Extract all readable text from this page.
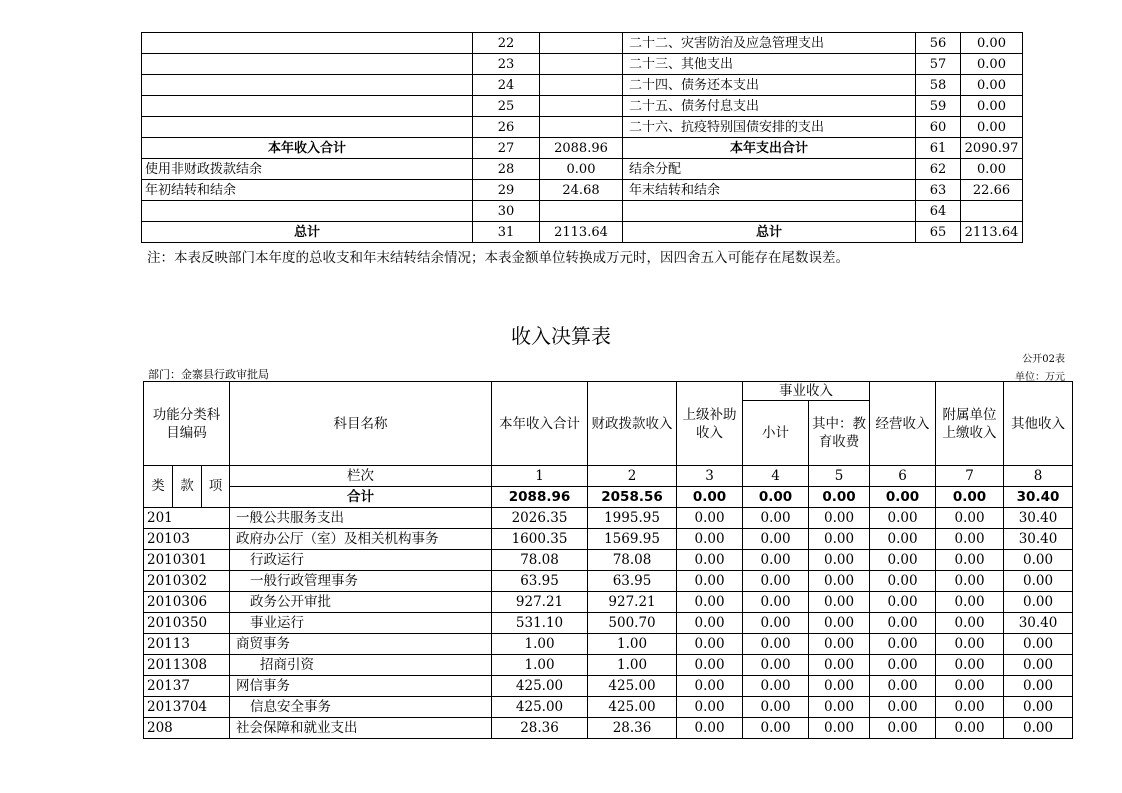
	22		二十二、灾害防治及应急管理支出	56	0.00
	23		二十三、其他支出	57	0.00
	24		二十四、债务还本支出	58	0.00
	25		二十五、债务付息支出	59	0.00
	26		二十六、抗疫特别国债安排的支出	60	0.00
本年收入合计	27	2088.96	本年支出合计	61	2090.97
使用非财政拨款结余	28	0.00	结余分配	62	0.00
年初结转和结余	29	24.68	年末结转和结余	63	22.66
	30			64	
总计	31	2113.64	总计	65	2113.64
注：本表反映部门本年度的总收支和年末结转结余情况；本表金额单位转换成万元时，因四舍五入可能存在尾数误差。
收入决算表
公开02表
部门：金寨县行政审批局	单位：万元
功能分类科目编码			科目名称	本年收入合计	财政拨款收入	上级补助收入	事业收入		经营收入	附属单位上缴收入	其他收入
							小计	其中：教育收费			
类	款	项	栏次	1	2	3	4	5	6	7	8
			合计	2088.96	2058.56	0.00	0.00	0.00	0.00	0.00	30.40
201			一般公共服务支出	2026.35	1995.95	0.00	0.00	0.00	0.00	0.00	30.40
20103			政府办公厅（室）及相关机构事务	1600.35	1569.95	0.00	0.00	0.00	0.00	0.00	30.40
2010301			行政运行	78.08	78.08	0.00	0.00	0.00	0.00	0.00	0.00
2010302			一般行政管理事务	63.95	63.95	0.00	0.00	0.00	0.00	0.00	0.00
2010306			政务公开审批	927.21	927.21	0.00	0.00	0.00	0.00	0.00	0.00
2010350			事业运行	531.10	500.70	0.00	0.00	0.00	0.00	0.00	30.40
20113			商贸事务	1.00	1.00	0.00	0.00	0.00	0.00	0.00	0.00
2011308			招商引资	1.00	1.00	0.00	0.00	0.00	0.00	0.00	0.00
20137			网信事务	425.00	425.00	0.00	0.00	0.00	0.00	0.00	0.00
2013704			信息安全事务	425.00	425.00	0.00	0.00	0.00	0.00	0.00	0.00
208			社会保障和就业支出	28.36	28.36	0.00	0.00	0.00	0.00	0.00	0.00
